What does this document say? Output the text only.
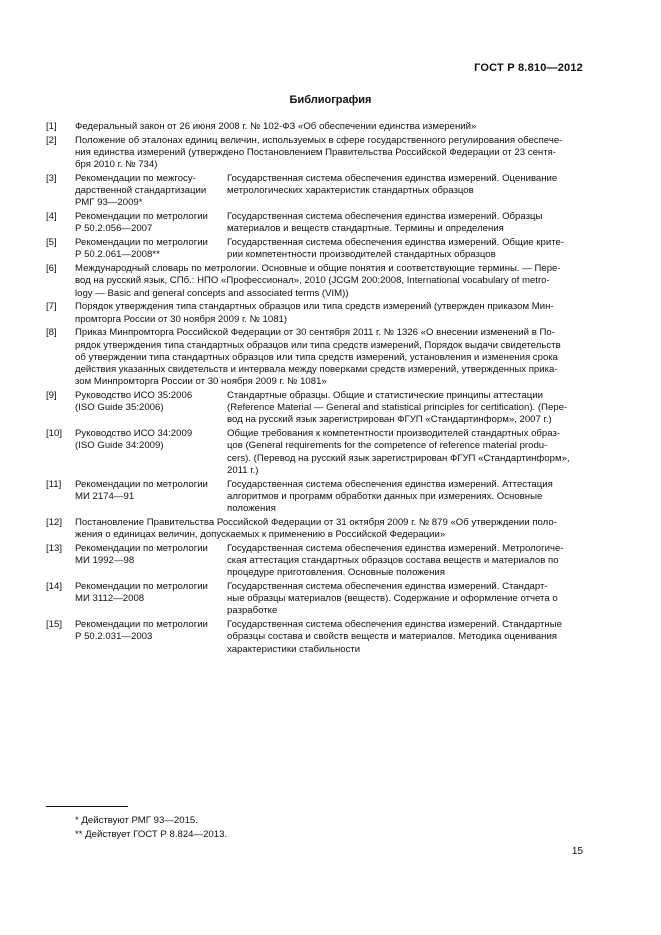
ГОСТ Р 8.810—2012
Библиография
[1] Федеральный закон от 26 июня 2008 г. № 102-ФЗ «Об обеспечении единства измерений»
[2] Положение об эталонах единиц величин, используемых в сфере государственного регулирования обеспече-
ния единства измерений (утверждено Постановлением Правительства Российской Федерации от 23 сентя-
бря 2010 г. № 734)
[3] Рекомендации по межгосу-
дарственной стандартизации
РМГ 93—2009*
Государственная система обеспечения единства измерений. Оценивание
метрологических характеристик стандартных образцов
[4] Рекомендации по метрологии
Р 50.2.056—2007
Государственная система обеспечения единства измерений. Образцы
материалов и веществ стандартные. Термины и определения
[5] Рекомендации по метрологии
Р 50.2.061—2008**
Государственная система обеспечения единства измерений. Общие крите-
рии компетентности производителей стандартных образцов
[6] Международный словарь по метрологии. Основные и общие понятия и соответствующие термины. — Пере-
вод на русский язык, СПб.: НПО «Профессионал», 2010 (JCGM 200:2008, International vocabulary of metro-
logy — Basic and general concepts and associated terms (VIM))
[7] Порядок утверждения типа стандартных образцов или типа средств измерений (утвержден приказом Мин-
промторга России от 30 ноября 2009 г. № 1081)
[8] Приказ Минпромторга Российской Федерации от 30 сентября 2011 г. № 1326 «О внесении изменений в По-
рядок утверждения типа стандартных образцов или типа средств измерений, Порядок выдачи свидетельств
об утверждении типа стандартных образцов или типа средств измерений, установления и изменения срока
действия указанных свидетельств и интервала между поверками средств измерений, утвержденных прика-
зом Минпромторга России от 30 ноября 2009 г. № 1081»
[9] Руководство ИСО 35:2006
(ISO Guide 35:2006)
Стандартные образцы. Общие и статистические принципы аттестации
(Reference Material — General and statistical principles for certification). (Пере-
вод на русский язык зарегистрирован ФГУП «Стандартинформ», 2007 г.)
[10] Руководство ИСО 34:2009
(ISO Guide 34:2009)
Общие требования к компетентности производителей стандартных образ-
цов (General requirements for the competence of reference material produ-
cers). (Перевод на русский язык зарегистрирован ФГУП «Стандартинформ»,
2011 г.)
[11] Рекомендации по метрологии
МИ 2174—91
Государственная система обеспечения единства измерений. Аттестация
алгоритмов и программ обработки данных при измерениях. Основные
положения
[12] Постановление Правительства Российской Федерации от 31 октября 2009 г. № 879 «Об утверждении поло-
жения о единицах величин, допускаемых к применению в Российской Федерации»
[13] Рекомендации по метрологии
МИ 1992—98
Государственная система обеспечения единства измерений. Метрологиче-
ская аттестация стандартных образцов состава веществ и материалов по
процедуре приготовления. Основные положения
[14] Рекомендации по метрологии
МИ 3112—2008
Государственная система обеспечения единства измерений. Стандарт-
ные образцы материалов (веществ). Содержание и оформление отчета о
разработке
[15] Рекомендации по метрологии
Р 50.2.031—2003
Государственная система обеспечения единства измерений. Стандартные
образцы состава и свойств веществ и материалов. Методика оценивания
характеристики стабильности
* Действуют РМГ 93—2015.
** Действует ГОСТ Р 8.824—2013.
15
